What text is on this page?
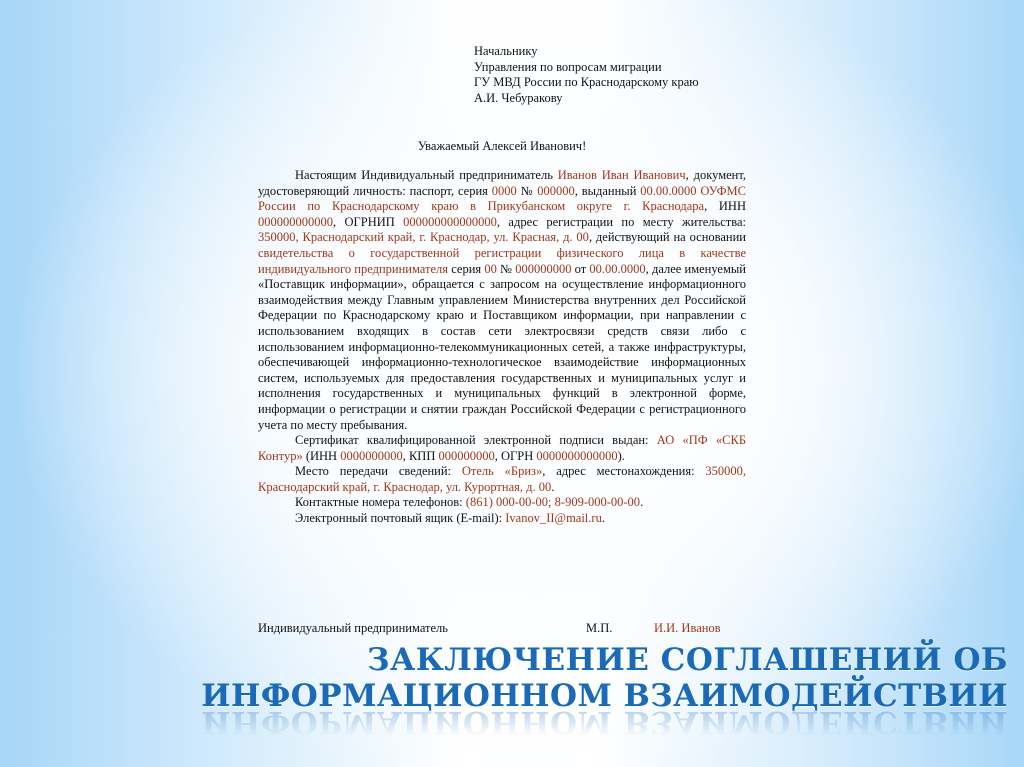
Начальнику
Управления по вопросам миграции
ГУ МВД России по Краснодарскому краю
А.И. Чебуракову
Уважаемый Алексей Иванович!

Настоящим Индивидуальный предприниматель Иванов Иван Иванович, документ, удостоверяющий личность: паспорт, серия 0000 № 000000, выданный 00.00.0000 ОУФМС России по Краснодарскому краю в Прикубанском округе г. Краснодара, ИНН 000000000000, ОГРНИП 000000000000000, адрес регистрации по месту жительства: 350000, Краснодарский край, г. Краснодар, ул. Красная, д. 00, действующий на основании свидетельства о государственной регистрации физического лица в качестве индивидуального предпринимателя серия 00 № 000000000 от 00.00.0000, далее именуемый «Поставщик информации», обращается с запросом на осуществление информационного взаимодействия между Главным управлением Министерства внутренних дел Российской Федерации по Краснодарскому краю и Поставщиком информации, при направлении с использованием входящих в состав сети электросвязи средств связи либо с использованием информационно-телекоммуникационных сетей, а также инфраструктуры, обеспечивающей информационно-технологическое взаимодействие информационных систем, используемых для предоставления государственных и муниципальных услуг и исполнения государственных и муниципальных функций в электронной форме, информации о регистрации и снятии граждан Российской Федерации с регистрационного учета по месту пребывания.

Сертификат квалифицированной электронной подписи выдан: АО «ПФ «СКБ Контур» (ИНН 0000000000, КПП 000000000, ОГРН 0000000000000).

Место передачи сведений: Отель «Бриз», адрес местонахождения: 350000, Краснодарский край, г. Краснодар, ул. Курортная, д. 00.

Контактные номера телефонов: (861) 000-00-00; 8-909-000-00-00.

Электронный почтовый ящик (E-mail): Ivanov_II@mail.ru.

Индивидуальный предприниматель	М.П.	И.И. Иванов
ЗАКЛЮЧЕНИЕ СОГЛАШЕНИЙ ОБ
ИНФОРМАЦИОННОМ ВЗАИМОДЕЙСТВИИ
